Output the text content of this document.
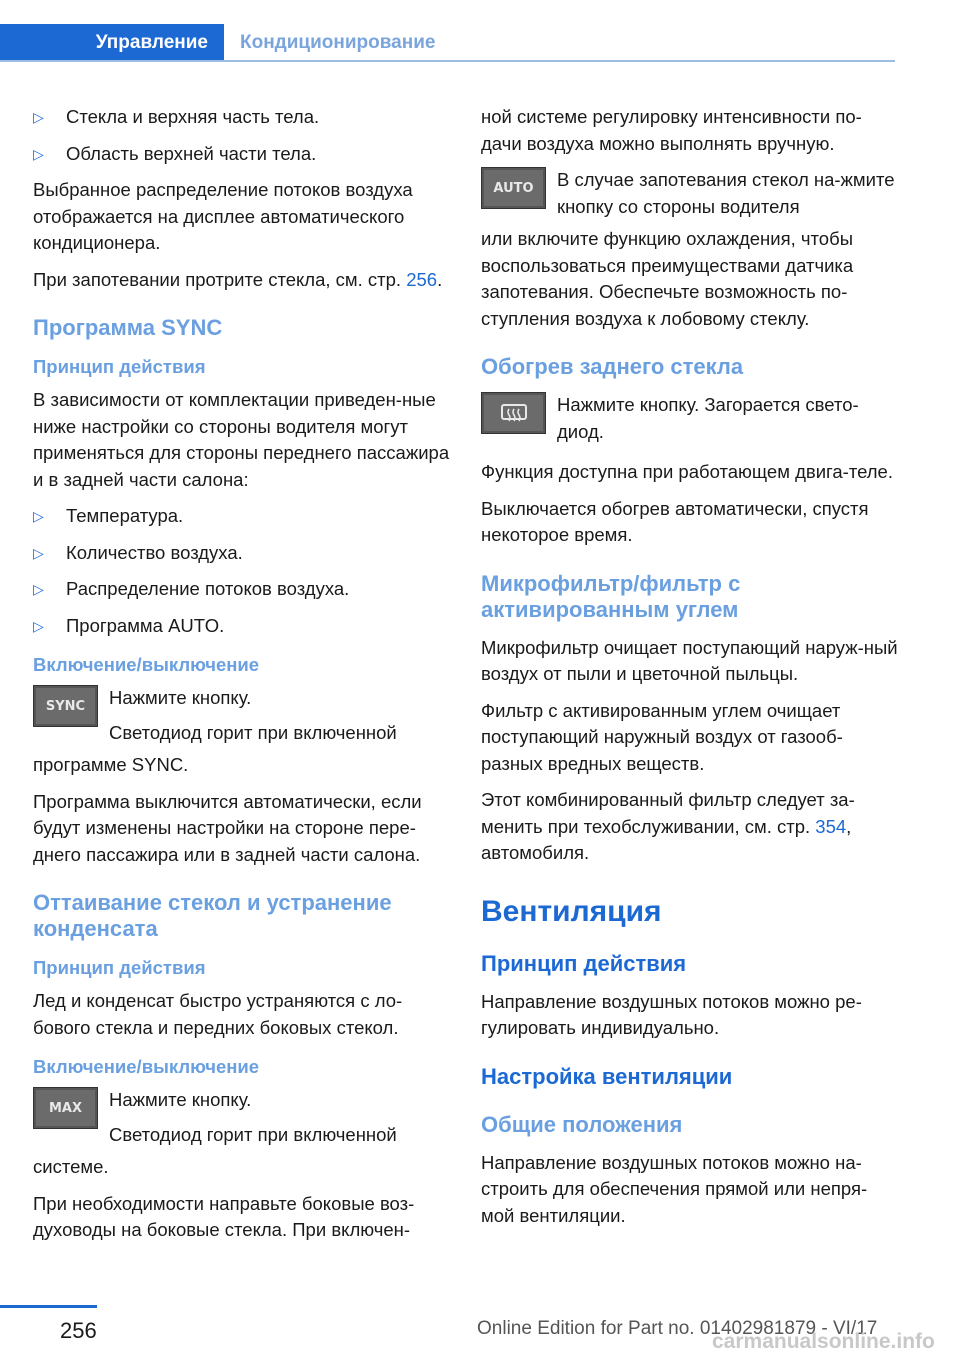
Управление	Кондиционирование
▷	Стекла и верхняя часть тела.
▷	Область верхней части тела.

Выбранное распределение потоков воздуха отображается на дисплее автоматического кондиционера.

При запотевании протрите стекла, см. стр. 256.

Программа SYNC
Принцип действия

В зависимости от комплектации приведен-ные ниже настройки со стороны водителя могут применяться для стороны переднего пассажира и в задней части салона:

▷	Температура.
▷	Количество воздуха.
▷	Распределение потоков воздуха.
▷	Программа AUTO.
Включение/выключение
SYNC	Нажмите кнопку.

Светодиод горит при включенной

программе SYNC.

Программа выключится автоматически, если будут изменены настройки на стороне пере-днего пассажира или в задней части салона.

Оттаивание стекол и устранение конденсата
Принцип действия

Лед и конденсат быстро устраняются с ло-бового стекла и передних боковых стекол.

Включение/выключение
MAX	Нажмите кнопку.

Светодиод горит при включенной

системе.

При необходимости направьте боковые воз-духоводы на боковые стекла. При включен-

ной системе регулировку интенсивности по-дачи воздуха можно выполнять вручную.

AUTO	В случае запотевания стекол на-жмите кнопку со стороны водителя

или включите функцию охлаждения, чтобы воспользоваться преимуществами датчика запотевания. Обеспечьте возможность по-ступления воздуха к лобовому стеклу.

Обогрев заднего стекла

Нажмите кнопку. Загорается свето-диод.

Функция доступна при работающем двига-теле.

Выключается обогрев автоматически, спустя некоторое время.

Микрофильтр/фильтр с активированным углем

Микрофильтр очищает поступающий наруж-ный воздух от пыли и цветочной пыльцы.

Фильтр с активированным углем очищает поступающий наружный воздух от газооб-разных вредных веществ.

Этот комбинированный фильтр следует за-менить при техобслуживании, см. стр. 354, автомобиля.

Вентиляция
Принцип действия

Направление воздушных потоков можно ре-гулировать индивидуально.

Настройка вентиляции
Общие положения

Направление воздушных потоков можно на-строить для обеспечения прямой или непря-мой вентиляции.

256	Online Edition for Part no. 01402981879 - VI/17
carmanualsonline.info
